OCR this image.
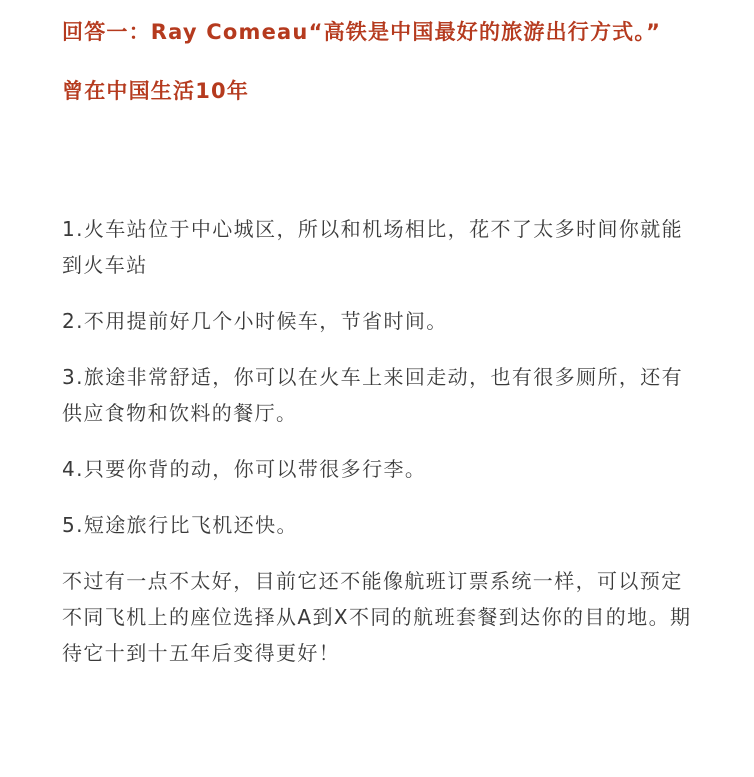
回答一：Ray Comeau“高铁是中国最好的旅游出行方式。”

曾在中国生活10年

1.火车站位于中心城区，所以和机场相比，花不了太多时间你就能到火车站

2.不用提前好几个小时候车，节省时间。

3.旅途非常舒适，你可以在火车上来回走动，也有很多厕所，还有供应食物和饮料的餐厅。

4.只要你背的动，你可以带很多行李。

5.短途旅行比飞机还快。

不过有一点不太好，目前它还不能像航班订票系统一样，可以预定不同飞机上的座位选择从A到X不同的航班套餐到达你的目的地。期待它十到十五年后变得更好！
